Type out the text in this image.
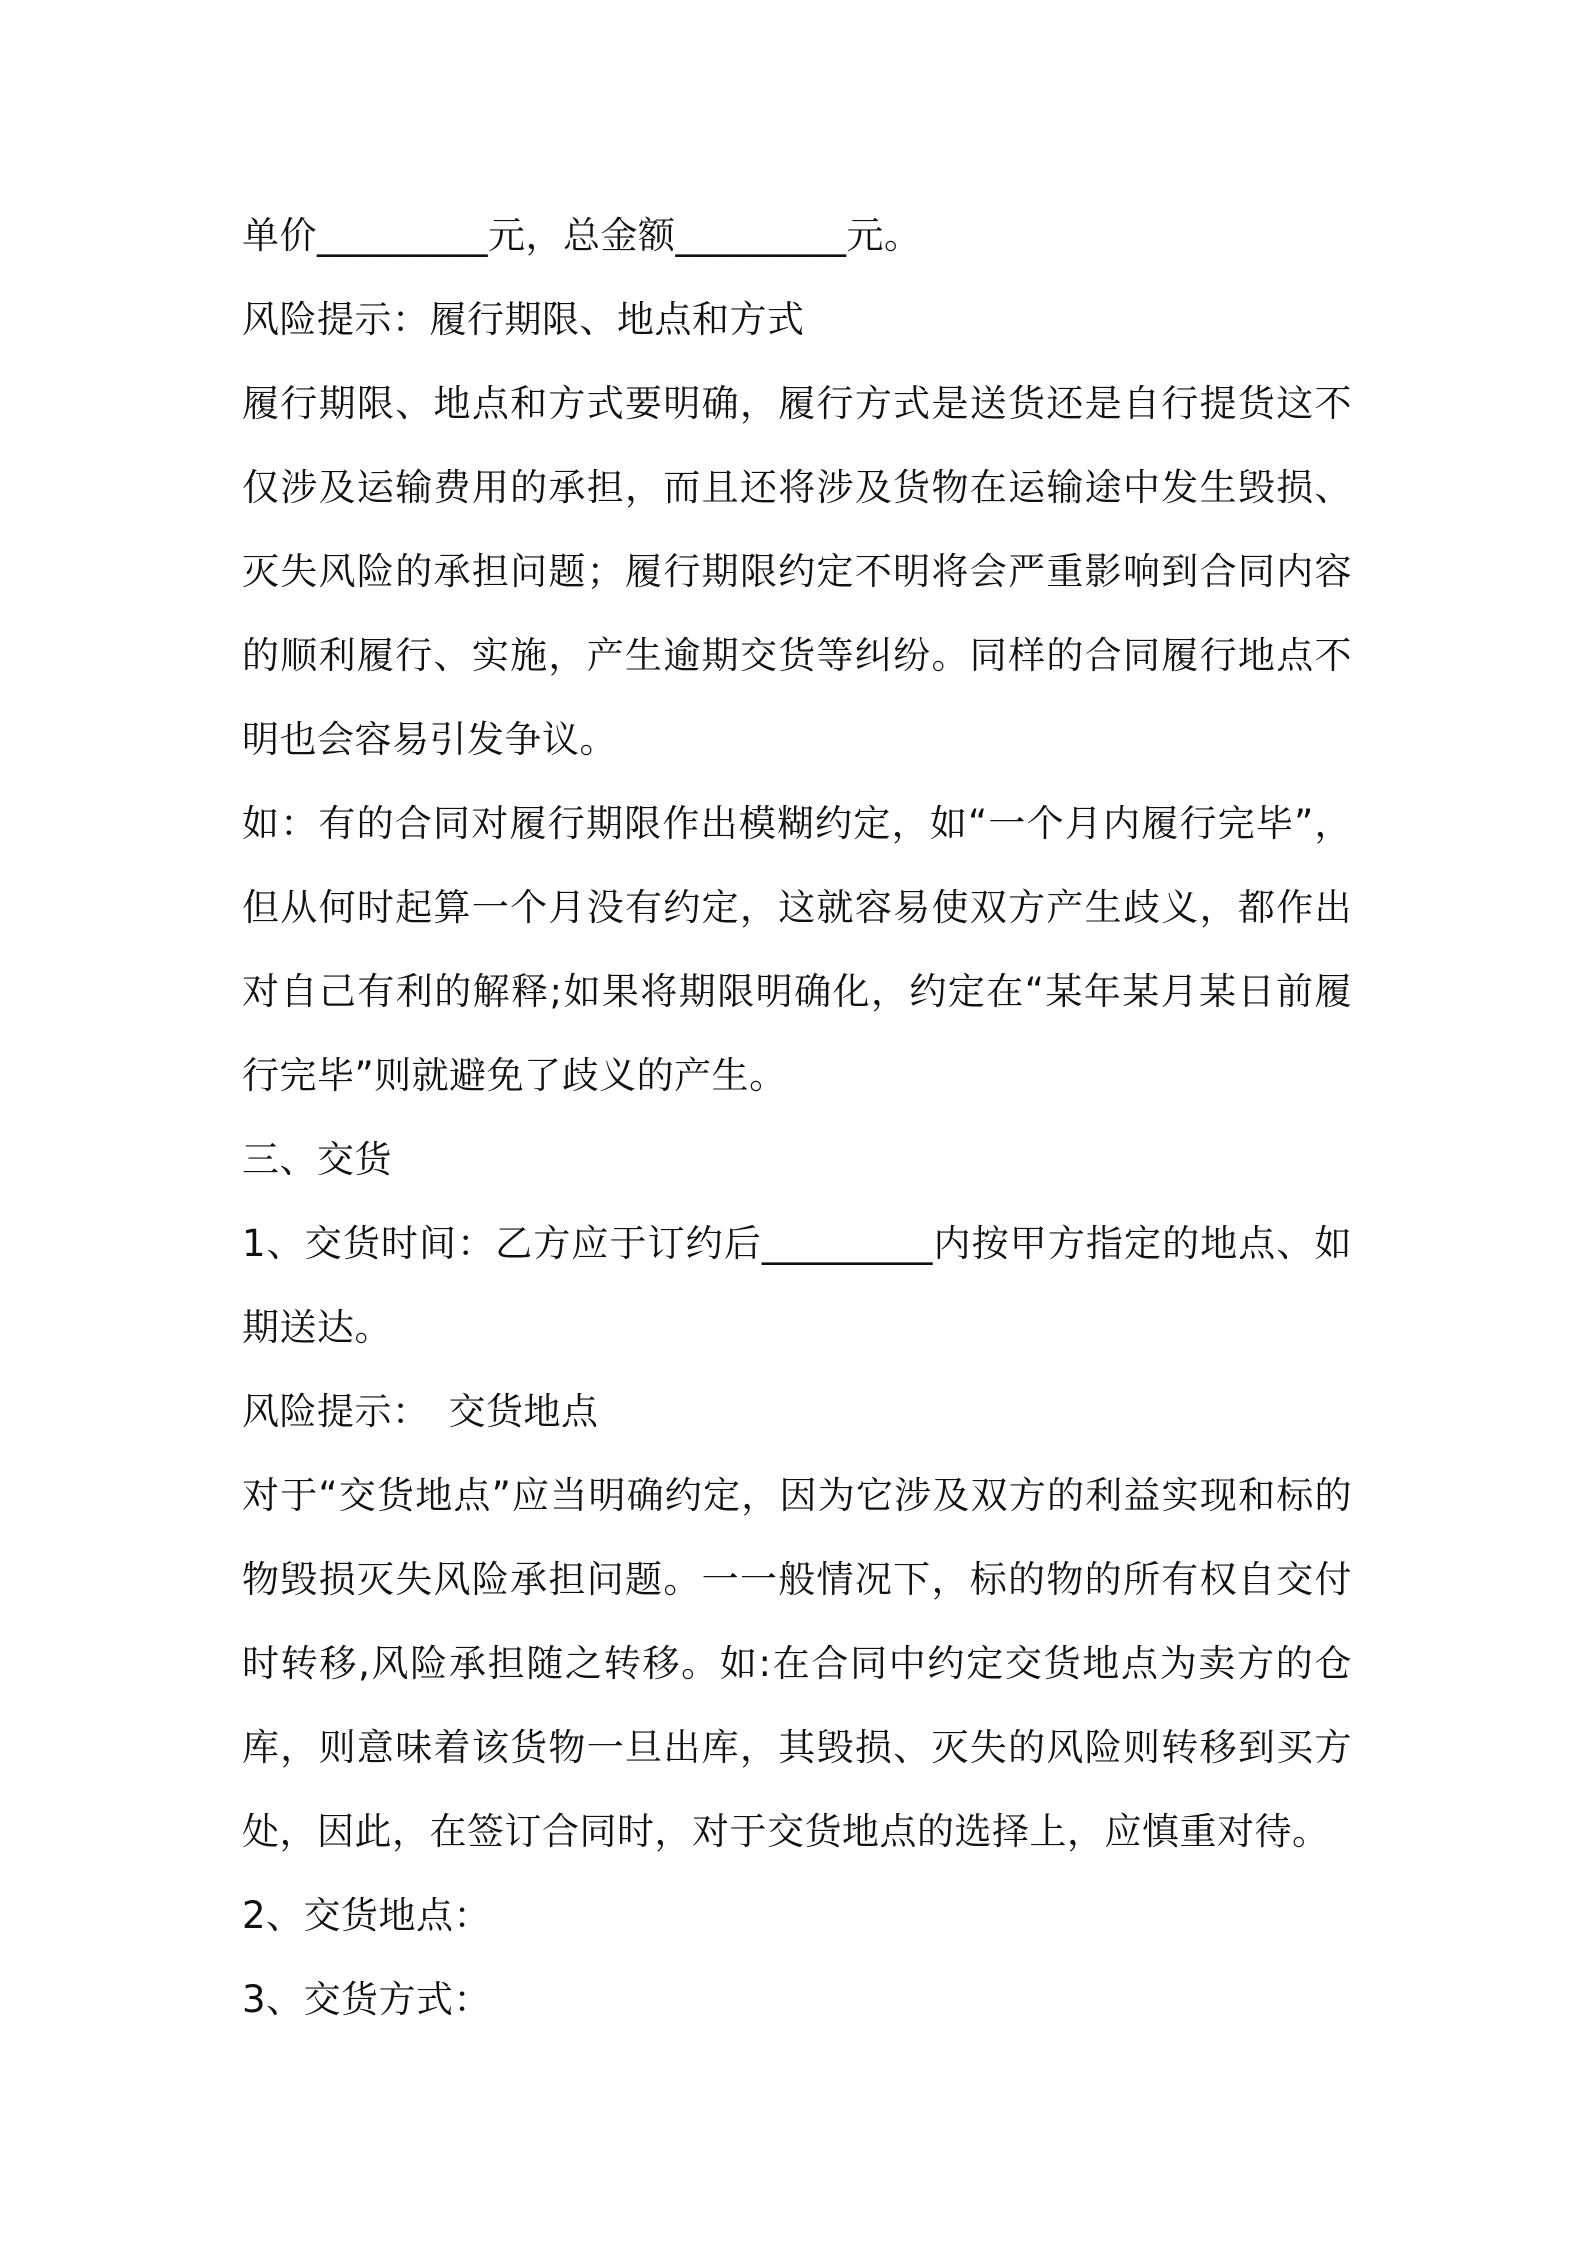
单价_________元，总金额_________元。

风险提示：履行期限、地点和方式

履行期限、地点和方式要明确，履行方式是送货还是自行提货这不仅涉及运输费用的承担，而且还将涉及货物在运输途中发生毁损、灭失风险的承担问题；履行期限约定不明将会严重影响到合同内容的顺利履行、实施，产生逾期交货等纠纷。同样的合同履行地点不明也会容易引发争议。

如：有的合同对履行期限作出模糊约定，如“一个月内履行完毕”，但从何时起算一个月没有约定，这就容易使双方产生歧义，都作出对自己有利的解释;如果将期限明确化，约定在“某年某月某日前履行完毕”则就避免了歧义的产生。

三、交货

1、交货时间：乙方应于订约后_________内按甲方指定的地点、如期送达。

风险提示：　交货地点

对于“交货地点”应当明确约定，因为它涉及双方的利益实现和标的物毁损灭失风险承担问题。一一般情况下，标的物的所有权自交付时转移,风险承担随之转移。如:在合同中约定交货地点为卖方的仓库，则意味着该货物一旦出库，其毁损、灭失的风险则转移到买方处，因此，在签订合同时，对于交货地点的选择上，应慎重对待。

2、交货地点：

3、交货方式：
